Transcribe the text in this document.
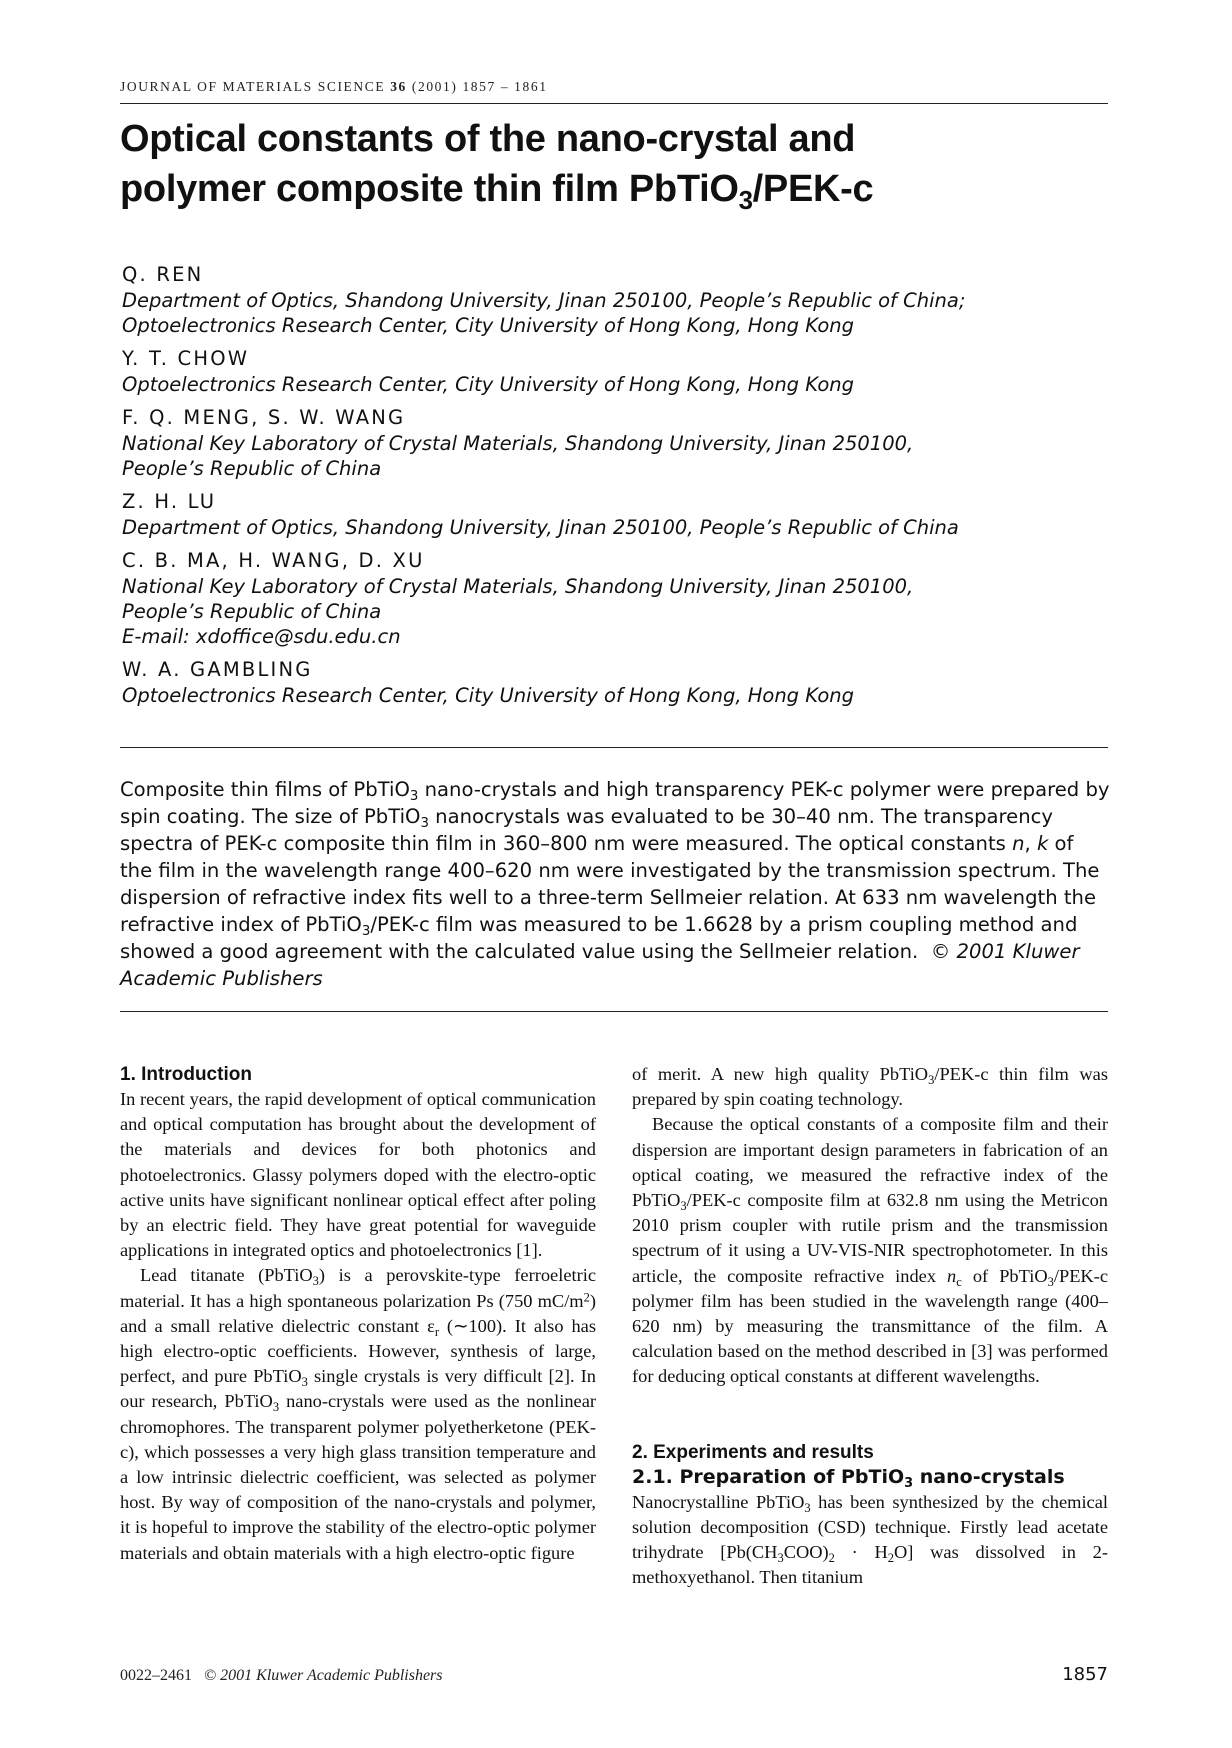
JOURNAL OF MATERIALS SCIENCE 36 (2001) 1857 – 1861
Optical constants of the nano-crystal and
polymer composite thin film PbTiO$_3$/PEK-c
Q. REN
Department of Optics, Shandong University, Jinan 250100, People’s Republic of China;
Optoelectronics Research Center, City University of Hong Kong, Hong Kong
Y. T. CHOW
Optoelectronics Research Center, City University of Hong Kong, Hong Kong
F. Q. MENG, S. W. WANG
National Key Laboratory of Crystal Materials, Shandong University, Jinan 250100,
People’s Republic of China
Z. H. LU
Department of Optics, Shandong University, Jinan 250100, People’s Republic of China
C. B. MA, H. WANG, D. XU
National Key Laboratory of Crystal Materials, Shandong University, Jinan 250100,
People’s Republic of China
E-mail: xdoffice@sdu.edu.cn
W. A. GAMBLING
Optoelectronics Research Center, City University of Hong Kong, Hong Kong

Composite thin films of PbTiO$_3$ nano-crystals and high transparency PEK-c polymer were prepared by spin coating. The size of PbTiO$_3$ nanocrystals was evaluated to be 30–40 nm. The transparency spectra of PEK-c composite thin film in 360–800 nm were measured. The optical constants n, k of the film in the wavelength range 400–620 nm were investigated by the transmission spectrum. The dispersion of refractive index fits well to a three-term Sellmeier relation. At 633 nm wavelength the refractive index of PbTiO$_3$/PEK-c film was measured to be 1.6628 by a prism coupling method and showed a good agreement with the calculated value using the Sellmeier relation. © 2001 Kluwer Academic Publishers

1. Introduction

In recent years, the rapid development of optical communication and optical computation has brought about the development of the materials and devices for both photonics and photoelectronics. Glassy polymers doped with the electro-optic active units have significant nonlinear optical effect after poling by an electric field. They have great potential for waveguide applications in integrated optics and photoelectronics [1].

Lead titanate (PbTiO$_3$) is a perovskite-type ferroeletric material. It has a high spontaneous polarization Ps (750 $mC/m^2$) and a small relative dielectric constant $\varepsilon_r$ (∼100). It also has high electro-optic coefficients. However, synthesis of large, perfect, and pure PbTiO$_3$ single crystals is very difficult [2]. In our research, PbTiO$_3$ nano-crystals were used as the nonlinear chromophores. The transparent polymer polyetherketone (PEK-c), which possesses a very high glass transition temperature and a low intrinsic dielectric coefficient, was selected as polymer host. By way of composition of the nano-crystals and polymer, it is hopeful to improve the stability of the electro-optic polymer materials and obtain materials with a high electro-optic figure

of merit. A new high quality PbTiO$_3$/PEK-c thin film was prepared by spin coating technology.

Because the optical constants of a composite film and their dispersion are important design parameters in fabrication of an optical coating, we measured the refractive index of the PbTiO$_3$/PEK-c composite film at 632.8 nm using the Metricon 2010 prism coupler with rutile prism and the transmission spectrum of it using a UV-VIS-NIR spectrophotometer. In this article, the composite refractive index $n_c$ of PbTiO$_3$/PEK-c polymer film has been studied in the wavelength range (400–620 nm) by measuring the transmittance of the film. A calculation based on the method described in [3] was performed for deducing optical constants at different wavelengths.

2. Experiments and results
2.1. Preparation of PbTiO$_3$ nano-crystals

Nanocrystalline PbTiO$_3$ has been synthesized by the chemical solution decomposition (CSD) technique. Firstly lead acetate trihydrate $[Pb(CH_3COO)_2 \cdot H_2O]$ was dissolved in 2-methoxyethanol. Then titanium

0022–2461 © 2001 Kluwer Academic Publishers	1857
